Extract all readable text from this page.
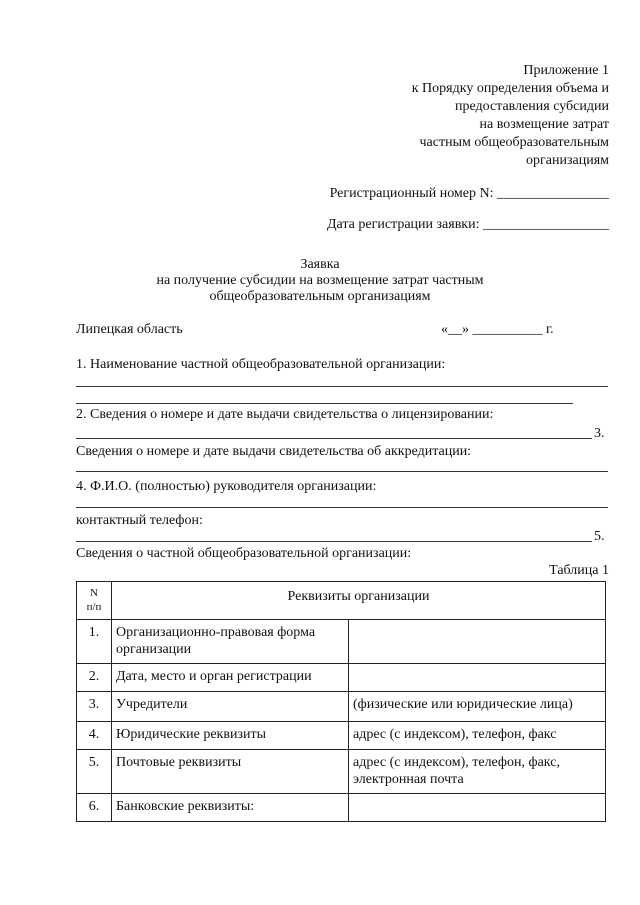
Приложение 1
к Порядку определения объема и
предоставления субсидии
на возмещение затрат
частным общеобразовательным
организациям
Регистрационный номер N: ________________
Дата регистрации заявки: __________________
Заявка
на получение субсидии на возмещение затрат частным
общеобразовательным организациям
Липецкая область	«__» __________ г.
1. Наименование частной общеобразовательной организации:
2. Сведения о номере и дате выдачи свидетельства о лицензировании:
3.
Сведения о номере и дате выдачи свидетельства об аккредитации:
4. Ф.И.О. (полностью) руководителя организации:
контактный телефон:
5.
Сведения о частной общеобразовательной организации:
Таблица 1
N
п/п	Реквизиты организации	
1.	Организационно-правовая форма организации	
2.	Дата, место и орган регистрации	
3.	Учредители	(физические или юридические лица)
4.	Юридические реквизиты	адрес (с индексом), телефон, факс
5.	Почтовые реквизиты	адрес (с индексом), телефон, факс, электронная почта
6.	Банковские реквизиты:	
